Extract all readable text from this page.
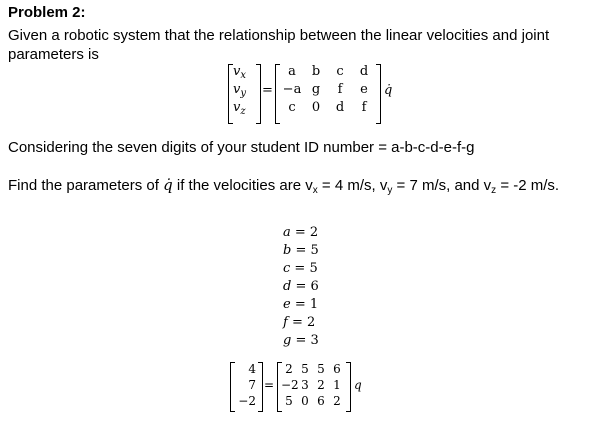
Problem 2:
Given a robotic system that the relationship between the linear velocities and joint parameters is
$v_x$
$v_y$
$v_z$
=
a	b	c	d
−a g	f	e
c	0	d	f
q̇
Considering the seven digits of your student ID number = a-b-c-d-e-f-g
Find the parameters of q̇ if the velocities are $v_x = 4$ m/s, $v_y = 7$ m/s, and $v_z = -2$ m/s.
a = 2
b = 5
c = 5
d = 6
e = 1
f = 2
g = 3
4
7
−2
=
2 5 5 6
−2 3 2 1
5 0 6 2
q
